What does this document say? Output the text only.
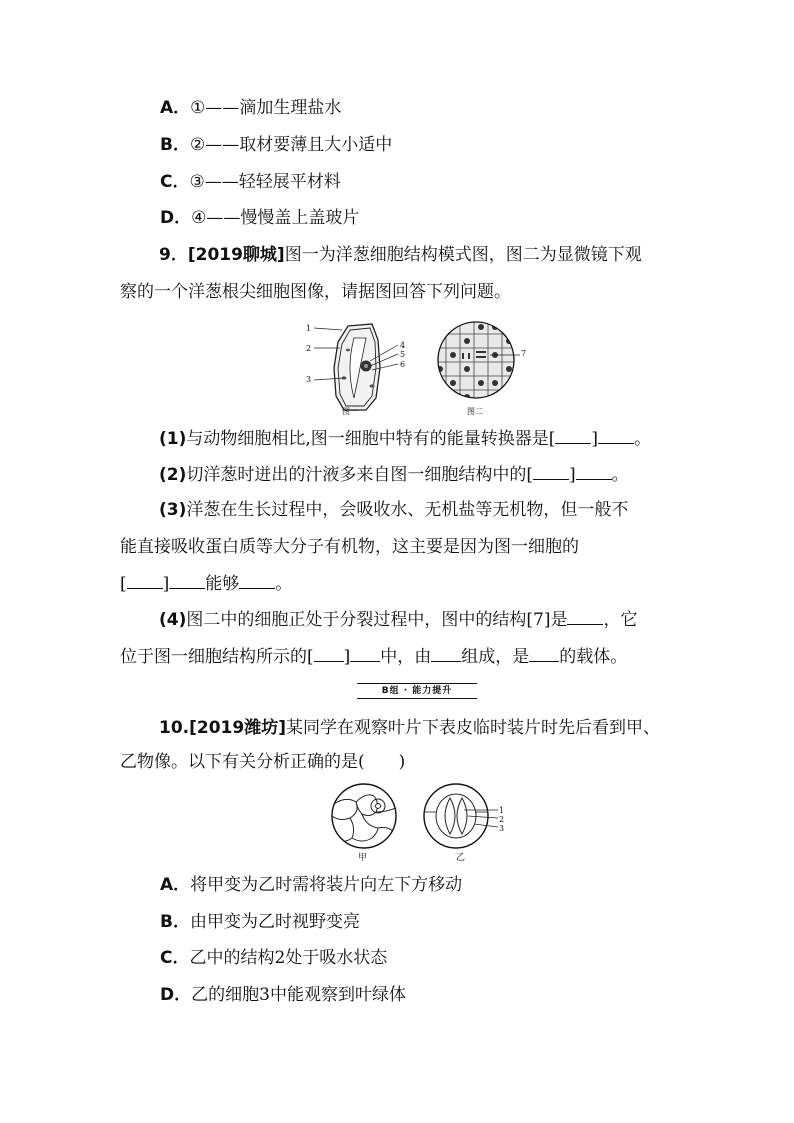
A．①——滴加生理盐水
B．②——取材要薄且大小适中
C．③——轻轻展平材料
D．④——慢慢盖上盖玻片
9．[2019聊城]图一为洋葱细胞结构模式图，图二为显微镜下观
察的一个洋葱根尖细胞图像，请据图回答下列问题。
1
2
3
4
5
6
图一
7
图二
(1)与动物细胞相比,图一细胞中特有的能量转换器是[ ] 。
(2)切洋葱时迸出的汁液多来自图一细胞结构中的[ ] 。
(3)洋葱在生长过程中，会吸收水、无机盐等无机物，但一般不
能直接吸收蛋白质等大分子有机物，这主要是因为图一细胞的
[ ] 能够 。
(4)图二中的细胞正处于分裂过程中，图中的结构[7]是 ，它
位于图一细胞结构所示的[ ] 中，由 组成，是 的载体。
B组 · 能力提升
10.[2019潍坊]某同学在观察叶片下表皮临时装片时先后看到甲、
乙物像。以下有关分析正确的是( )
甲
1
2
3
乙
A．将甲变为乙时需将装片向左下方移动
B．由甲变为乙时视野变亮
C．乙中的结构2处于吸水状态
D．乙的细胞3中能观察到叶绿体
